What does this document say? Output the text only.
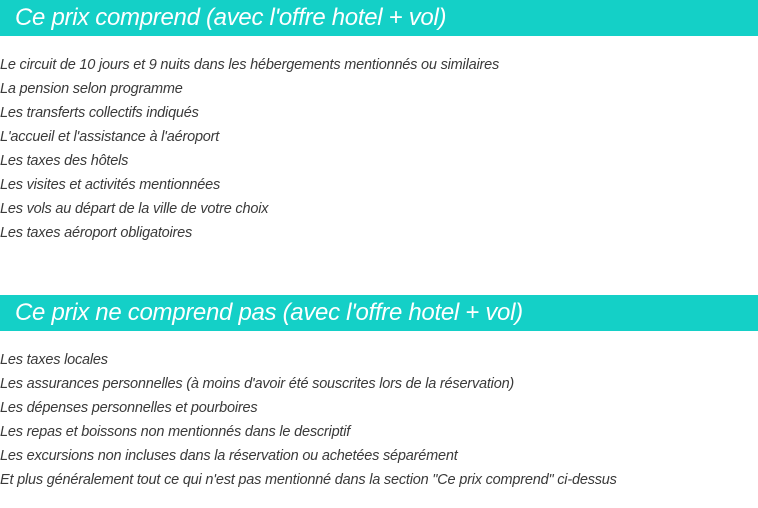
Ce prix comprend (avec l'offre hotel + vol)
Le circuit de 10 jours et 9 nuits dans les hébergements mentionnés ou similaires
La pension selon programme
Les transferts collectifs indiqués
L'accueil et l'assistance à l'aéroport
Les taxes des hôtels
Les visites et activités mentionnées
Les vols au départ de la ville de votre choix
Les taxes aéroport obligatoires
Ce prix ne comprend pas (avec l'offre hotel + vol)
Les taxes locales
Les assurances personnelles (à moins d'avoir été souscrites lors de la réservation)
Les dépenses personnelles et pourboires
Les repas et boissons non mentionnés dans le descriptif
Les excursions non incluses dans la réservation ou achetées séparément
Et plus généralement tout ce qui n'est pas mentionné dans la section "Ce prix comprend" ci-dessus
